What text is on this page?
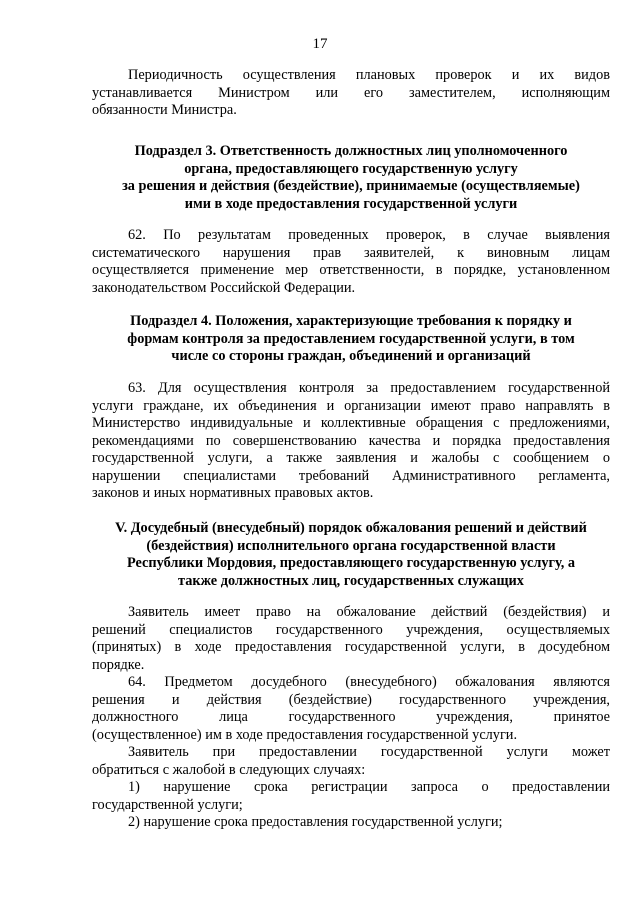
17
Периодичность осуществления плановых проверок и их видов
устанавливается Министром или его заместителем, исполняющим
обязанности Министра.
Подраздел 3. Ответственность должностных лиц уполномоченного
органа, предоставляющего государственную услугу
за решения и действия (бездействие), принимаемые (осуществляемые)
ими в ходе предоставления государственной услуги
62. По результатам проведенных проверок, в случае выявления
систематического нарушения прав заявителей, к виновным лицам
осуществляется применение мер ответственности, в порядке, установленном
законодательством Российской Федерации.
Подраздел 4. Положения, характеризующие требования к порядку и
формам контроля за предоставлением государственной услуги, в том
числе со стороны граждан, объединений и организаций
63. Для осуществления контроля за предоставлением государственной
услуги граждане, их объединения и организации имеют право направлять в
Министерство индивидуальные и коллективные обращения с предложениями,
рекомендациями по совершенствованию качества и порядка предоставления
государственной услуги, а также заявления и жалобы с сообщением о
нарушении специалистами требований Административного регламента,
законов и иных нормативных правовых актов.
V. Досудебный (внесудебный) порядок обжалования решений и действий
(бездействия) исполнительного органа государственной власти
Республики Мордовия, предоставляющего государственную услугу, а
также должностных лиц, государственных служащих
Заявитель имеет право на обжалование действий (бездействия) и
решений специалистов государственного учреждения, осуществляемых
(принятых) в ходе предоставления государственной услуги, в досудебном
порядке.
64. Предметом досудебного (внесудебного) обжалования являются
решения и действия (бездействие) государственного учреждения,
должностного лица государственного учреждения, принятое
(осуществленное) им в ходе предоставления государственной услуги.
Заявитель при предоставлении государственной услуги может
обратиться с жалобой в следующих случаях:
1) нарушение срока регистрации запроса о предоставлении
государственной услуги;
2) нарушение срока предоставления государственной услуги;
